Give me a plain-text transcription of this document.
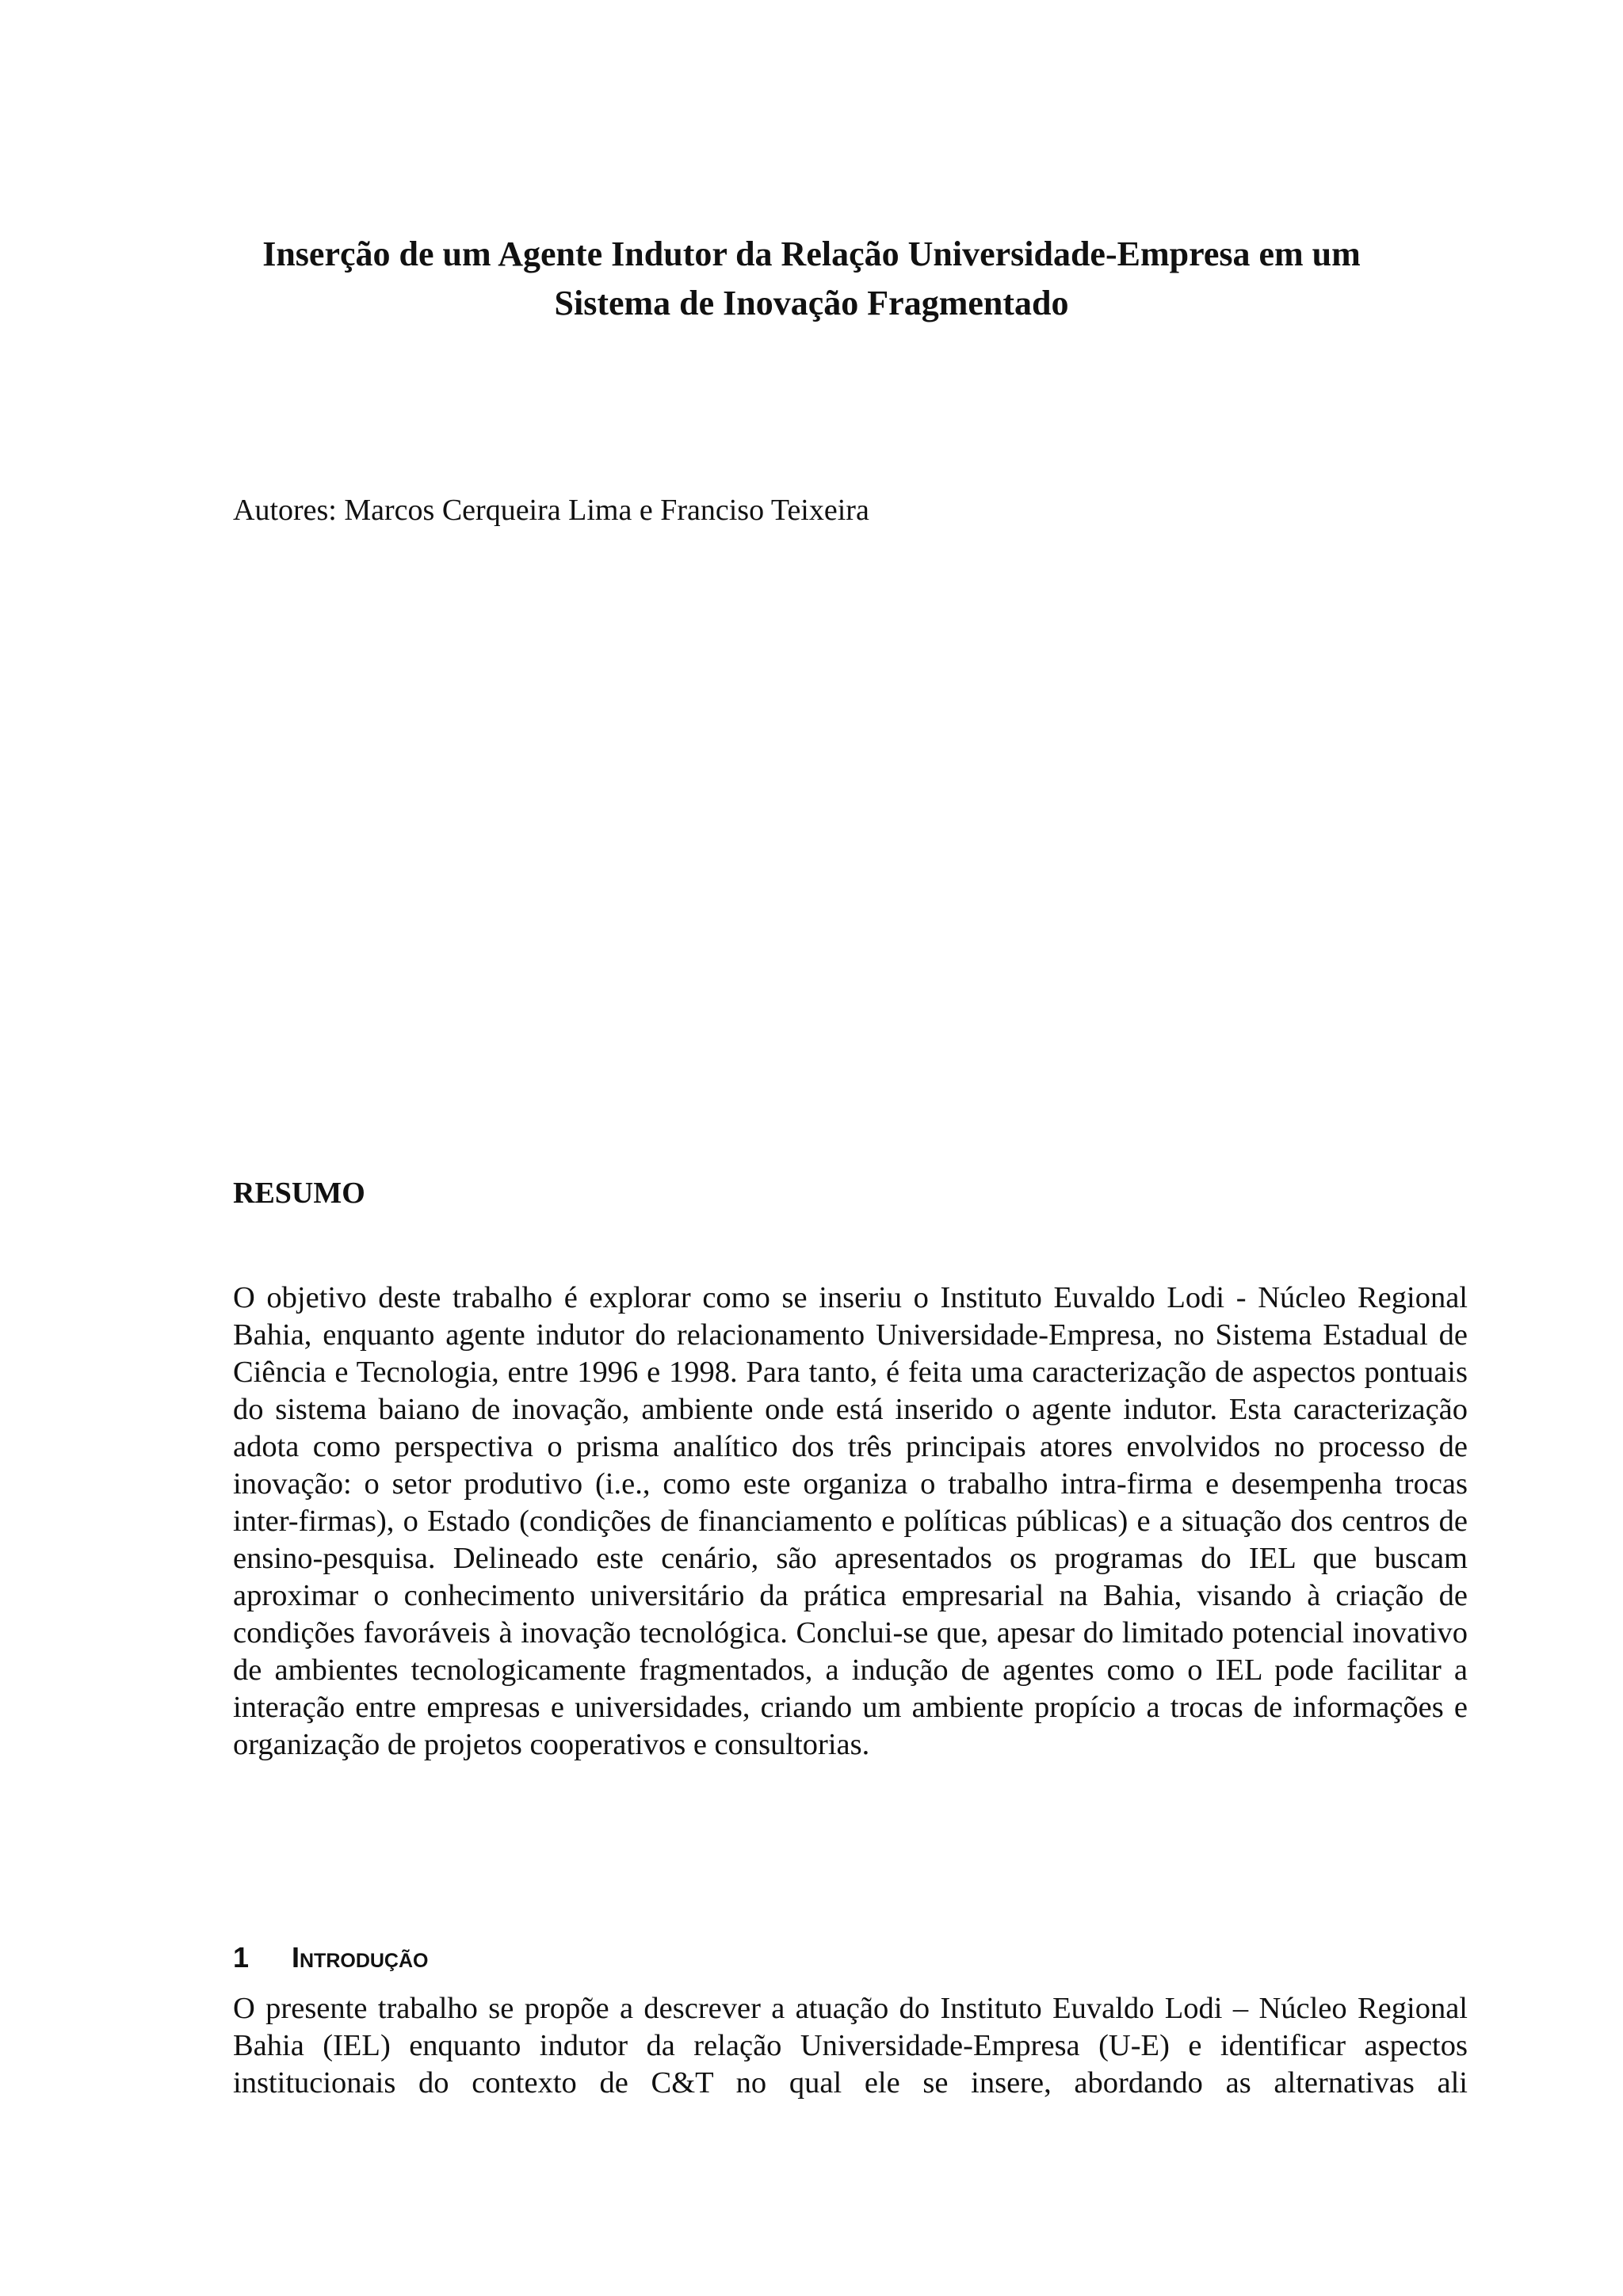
Inserção de um Agente Indutor da Relação Universidade-Empresa em um
Sistema de Inovação Fragmentado

Autores: Marcos Cerqueira Lima e Franciso Teixeira

RESUMO

O objetivo deste trabalho é explorar como se inseriu o Instituto Euvaldo Lodi - Núcleo Regional Bahia, enquanto agente indutor do relacionamento Universidade-Empresa, no Sistema Estadual de Ciência e Tecnologia, entre 1996 e 1998. Para tanto, é feita uma caracterização de aspectos pontuais do sistema baiano de inovação, ambiente onde está inserido o agente indutor. Esta caracterização adota como perspectiva o prisma analítico dos três principais atores envolvidos no processo de inovação: o setor produtivo (i.e., como este organiza o trabalho intra-firma e desempenha trocas inter-firmas), o Estado (condições de financiamento e políticas públicas) e a situação dos centros de ensino-pesquisa. Delineado este cenário, são apresentados os programas do IEL que buscam aproximar o conhecimento universitário da prática empresarial na Bahia, visando à criação de condições favoráveis à inovação tecnológica. Conclui-se que, apesar do limitado potencial inovativo de ambientes tecnologicamente fragmentados, a indução de agentes como o IEL pode facilitar a interação entre empresas e universidades, criando um ambiente propício a trocas de informações e organização de projetos cooperativos e consultorias.

1 Introdução

O presente trabalho se propõe a descrever a atuação do Instituto Euvaldo Lodi – Núcleo Regional Bahia (IEL) enquanto indutor da relação Universidade-Empresa (U-E) e identificar aspectos institucionais do contexto de C&T no qual ele se insere, abordando as alternativas ali
